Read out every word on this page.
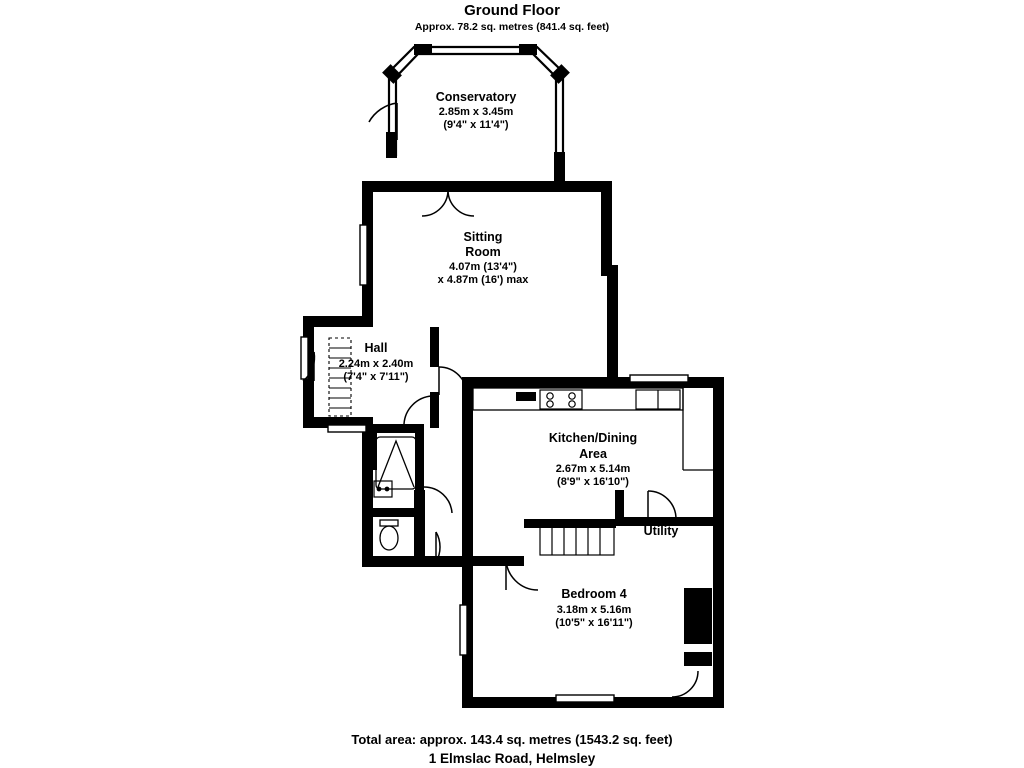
Ground Floor
Approx. 78.2 sq. metres (841.4 sq. feet)
Conservatory
2.85m x 3.45m
(9'4" x 11'4")
Sitting
Room
4.07m (13'4")
x 4.87m (16') max
Hall
2.24m x 2.40m
(7'4" x 7'11")
Kitchen/Dining
Area
2.67m x 5.14m
(8'9" x 16'10")
Utility
Bedroom 4
3.18m x 5.16m
(10'5" x 16'11")
Total area: approx. 143.4 sq. metres (1543.2 sq. feet)
1 Elmslac Road, Helmsley
